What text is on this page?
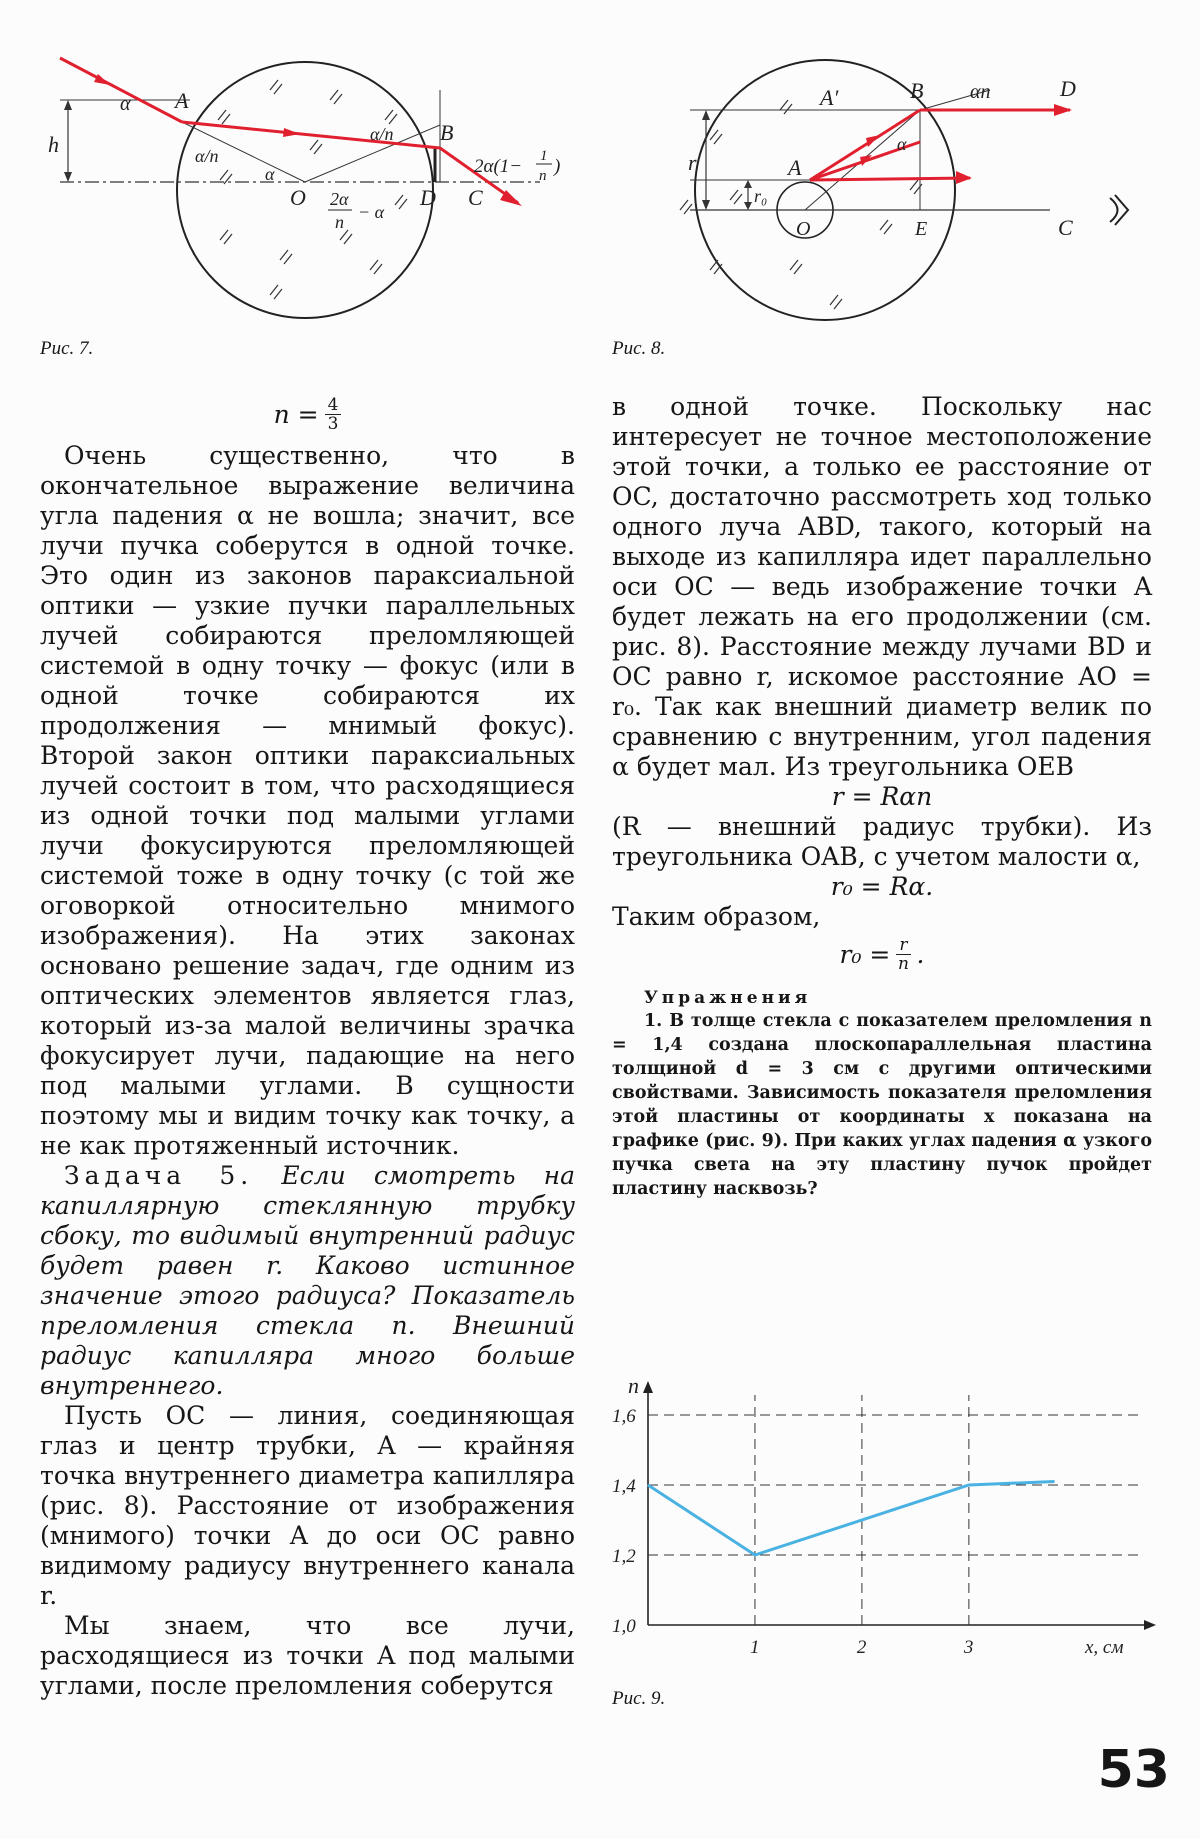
α A
h	α/n
α/n B
α
O	D C
2α
n − α
2α(1− 1
n )
Рис. 7.
A′	B αn	D
r	A
α
r₀
O	E	C
Рис. 8.
$n = \frac{4}{3}$

Очень существенно, что в окончательное выражение величина угла падения α не вошла; значит, все лучи пучка соберутся в одной точке. Это один из законов параксиальной оптики — узкие пучки параллельных лучей собираются преломляющей системой в одну точку — фокус (или в одной точке собираются их продолжения — мнимый фокус). Второй закон оптики параксиальных лучей состоит в том, что расходящиеся из одной точки под малыми углами лучи фокусируются преломляющей системой тоже в одну точку (с той же оговоркой относительно мнимого изображения). На этих законах основано решение задач, где одним из оптических элементов является глаз, который из-за малой величины зрачка фокусирует лучи, падающие на него под малыми углами. В сущности поэтому мы и видим точку как точку, а не как протяженный источник.

Задача 5. Если смотреть на капиллярную стеклянную трубку сбоку, то видимый внутренний радиус будет равен r. Каково истинное значение этого радиуса? Показатель преломления стекла n. Внешний радиус капилляра много больше внутреннего.

Пусть OC — линия, соединяющая глаз и центр трубки, A — крайняя точка внутреннего диаметра капилляра (рис. 8). Расстояние от изображения (мнимого) точки A до оси OC равно видимому радиусу внутреннего канала r.

Мы знаем, что все лучи, расходящиеся из точки A под малыми углами, после преломления соберутся

в одной точке. Поскольку нас интересует не точное местоположение этой точки, а только ее расстояние от OC, достаточно рассмотреть ход только одного луча ABD, такого, который на выходе из капилляра идет параллельно оси OC — ведь изображение точки A будет лежать на его продолжении (см. рис. 8). Расстояние между лучами BD и OC равно r, искомое расстояние AO = r₀. Так как внешний диаметр велик по сравнению с внутренним, угол падения α будет мал. Из треугольника OEB

r = Rαn

(R — внешний радиус трубки). Из треугольника OAB, с учетом малости α,

r₀ = Rα.

Таким образом,

$r_0 = \frac{r}{n}$ .
Упражнения

1. В толще стекла с показателем преломления n = 1,4 создана плоскопараллельная пластина толщиной d = 3 см с другими оптическими свойствами. Зависимость показателя преломления этой пластины от координаты x показана на графике (рис. 9). При каких углах падения α узкого пучка света на эту пластину пучок пройдет пластину насквозь?

1,0
1,2
1,4
1,6
1	2	3
n
x, см
Рис. 9.
53
